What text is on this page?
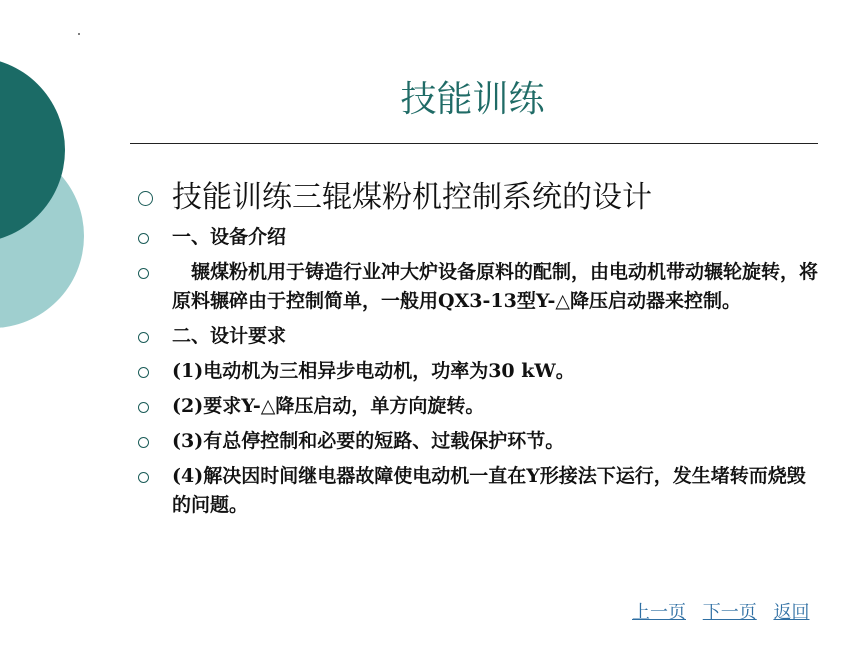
技能训练
技能训练三辊煤粉机控制系统的设计
一、设备介绍
　辗煤粉机用于铸造行业冲大炉设备原料的配制，由电动机带动辗轮旋转，将原料辗碎由于控制简单，一般用QX3-13型Y-△降压启动器来控制。
二、设计要求
(1)电动机为三相异步电动机，功率为30 kW。
(2)要求Y-△降压启动，单方向旋转。
(3)有总停控制和必要的短路、过载保护环节。
(4)解决因时间继电器故障使电动机一直在Y形接法下运行，发生堵转而烧毁的问题。
上一页 下一页 返回
